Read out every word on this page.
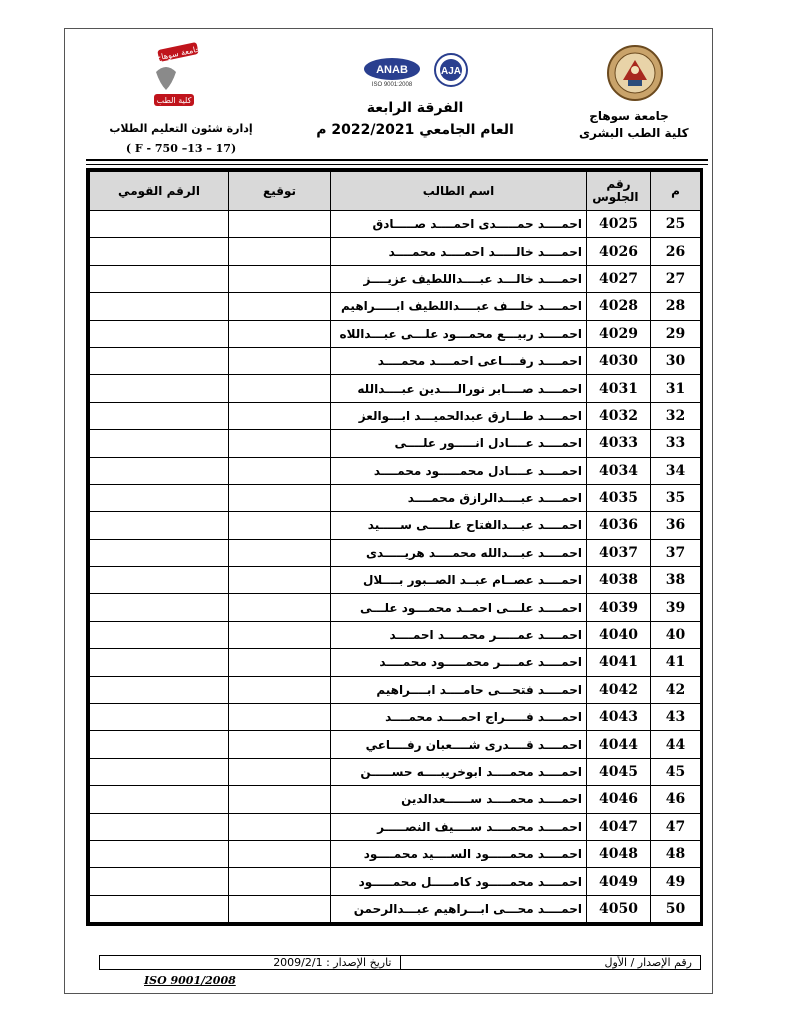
جامعة سوهاج
كلية الطب البشرى
ANAB
ISO 9001:2008
AJA
الفرقة الرابعة
العام الجامعي 2022/2021 م
جامعة سوهاج
كلية الطب
إدارة شئون التعليم الطلاب
( F - 750 –13 – 17)
م	رقم الجلوس	اسم الطالب	توقيع	الرقم القومي
25	4025	احمــــد حمـــــدى احمــــد صـــــادق		
26	4026	احمــــد خالـــــد احمــــد محمــــد		
27	4027	احمــــد خالـــد عبــــداللطيف عزيــــز		
28	4028	احمــــد خلـــف عبــــداللطيف ابـــــراهيم		
29	4029	احمــــد ربيـــع محمـــود علـــى عبـــداللاه		
30	4030	احمــــد رفــــاعى احمــــد محمــــد		
31	4031	احمــــد صــــابر نورالــــدين عبــــدالله		
32	4032	احمــــد طـــارق عبدالحميـــد ابـــوالعز		
33	4033	احمــــد عــــادل انـــــور علــــى		
34	4034	احمــــد عــــادل محمـــــود محمــــد		
35	4035	احمــــد عبــــدالرازق محمــــد		
36	4036	احمــــد عبـــدالفتاح علـــــى ســـــيد		
37	4037	احمــــد عبـــدالله محمــــد هريـــــدى		
38	4038	احمــــد عصــام عبــد الصــبور بــــلال		
39	4039	احمــــد علـــى احمــد محمـــود علـــى		
40	4040	احمــــد عمـــــر محمــــد احمــــد		
41	4041	احمــــد عمــــر محمـــــود محمــــد		
42	4042	احمــــد فتحـــى حامــــد ابــــراهيم		
43	4043	احمــــد فـــــراج احمــــد محمــــد		
44	4044	احمــــد قــــدرى شــــعبان رفــــاعي		
45	4045	احمــــد محمــــد ابوخريبــــه حســـــن		
46	4046	احمــــد محمــــد ســــــعدالدين		
47	4047	احمــــد محمــــد ســــيف النصـــــر		
48	4048	احمــــد محمـــــود الســــيد محمــــود		
49	4049	احمــــد محمـــــود كامـــــل محمـــــود		
50	4050	احمــــد محـــى ابـــراهيم عبـــدالرحمن		
رقم الإصدار / الأول
تاريخ الإصدار : 2009/2/1
ISO 9001/2008
